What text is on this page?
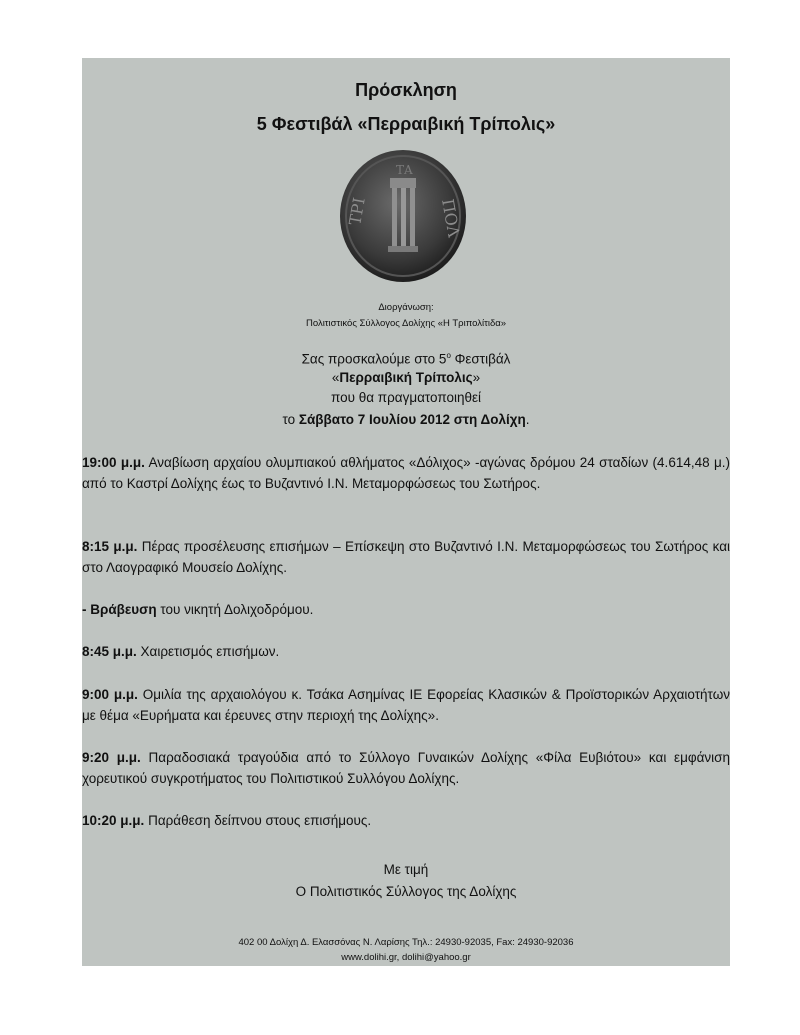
Πρόσκληση
5 Φεστιβάλ «Περραιβική Τρίπολις»
ΤΡΙ	ΠΟΛ
ΤΑ
Διοργάνωση:
Πολιτιστικός Σύλλογος Δολίχης «Η Τριπολίτιδα»
Σας προσκαλούμε στο $5^o$ Φεστιβάλ
«Περραιβική Τρίπολις»
που θα πραγματοποιηθεί
το Σάββατο 7 Ιουλίου 2012 στη Δολίχη.
19:00 μ.μ. Αναβίωση αρχαίου ολυμπιακού αθλήματος «Δόλιχος» -αγώνας δρόμου 24 σταδίων (4.614,48 μ.) από το Καστρί Δολίχης έως το Βυζαντινό Ι.Ν. Μεταμορφώσεως του Σωτήρος.
8:15 μ.μ. Πέρας προσέλευσης επισήμων – Επίσκεψη στο Βυζαντινό Ι.Ν. Μεταμορφώσεως του Σωτήρος και στο Λαογραφικό Μουσείο Δολίχης.
- Βράβευση του νικητή Δολιχοδρόμου.
8:45 μ.μ. Χαιρετισμός επισήμων.
9:00 μ.μ. Ομιλία της αρχαιολόγου κ. Τσάκα Ασημίνας ΙΕ Εφορείας Κλασικών & Προϊστορικών Αρχαιοτήτων με θέμα «Ευρήματα και έρευνες στην περιοχή της Δολίχης».
9:20 μ.μ. Παραδοσιακά τραγούδια από το Σύλλογο Γυναικών Δολίχης «Φίλα Ευβιότου» και εμφάνιση χορευτικού συγκροτήματος του Πολιτιστικού Συλλόγου Δολίχης.
10:20 μ.μ. Παράθεση δείπνου στους επισήμους.
Με τιμή
Ο Πολιτιστικός Σύλλογος της Δολίχης
402 00 Δολίχη Δ. Ελασσόνας Ν. Λαρίσης Τηλ.: 24930-92035, Fax: 24930-92036
www.dolihi.gr, dolihi@yahoo.gr
